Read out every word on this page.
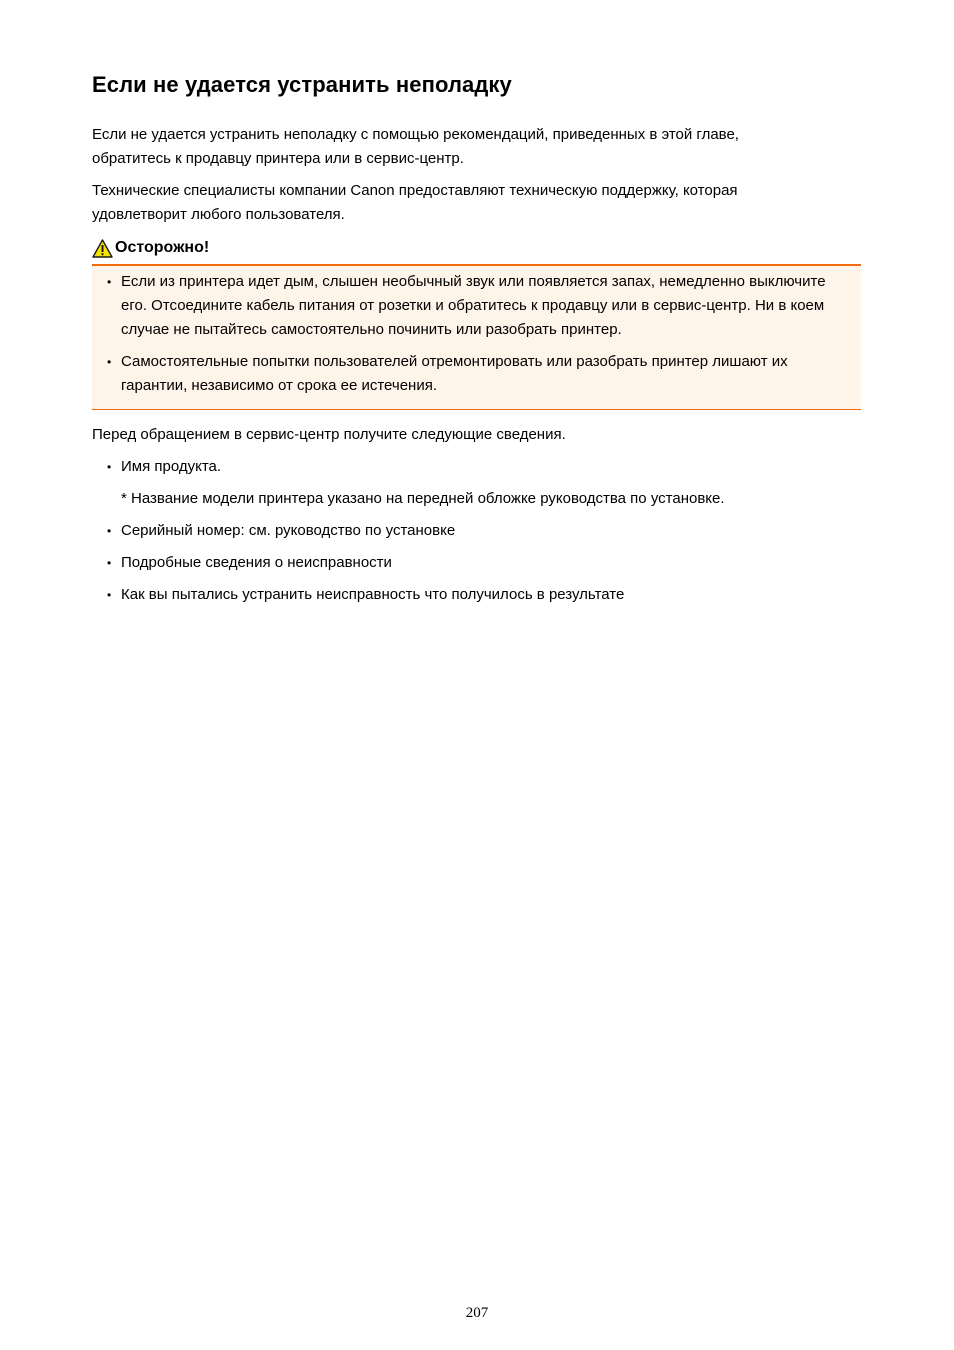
Если не удается устранить неполадку

Если не удается устранить неполадку с помощью рекомендаций, приведенных в этой главе, обратитесь к продавцу принтера или в сервис-центр.

Технические специалисты компании Canon предоставляют техническую поддержку, которая удовлетворит любого пользователя.

Осторожно!
• Если из принтера идет дым, слышен необычный звук или появляется запах, немедленно выключите его. Отсоедините кабель питания от розетки и обратитесь к продавцу или в сервис-центр. Ни в коем случае не пытайтесь самостоятельно починить или разобрать принтер.
• Самостоятельные попытки пользователей отремонтировать или разобрать принтер лишают их гарантии, независимо от срока ее истечения.

Перед обращением в сервис-центр получите следующие сведения.

• Имя продукта.
* Название модели принтера указано на передней обложке руководства по установке.
• Серийный номер: см. руководство по установке
• Подробные сведения о неисправности
• Как вы пытались устранить неисправность что получилось в результате
207
